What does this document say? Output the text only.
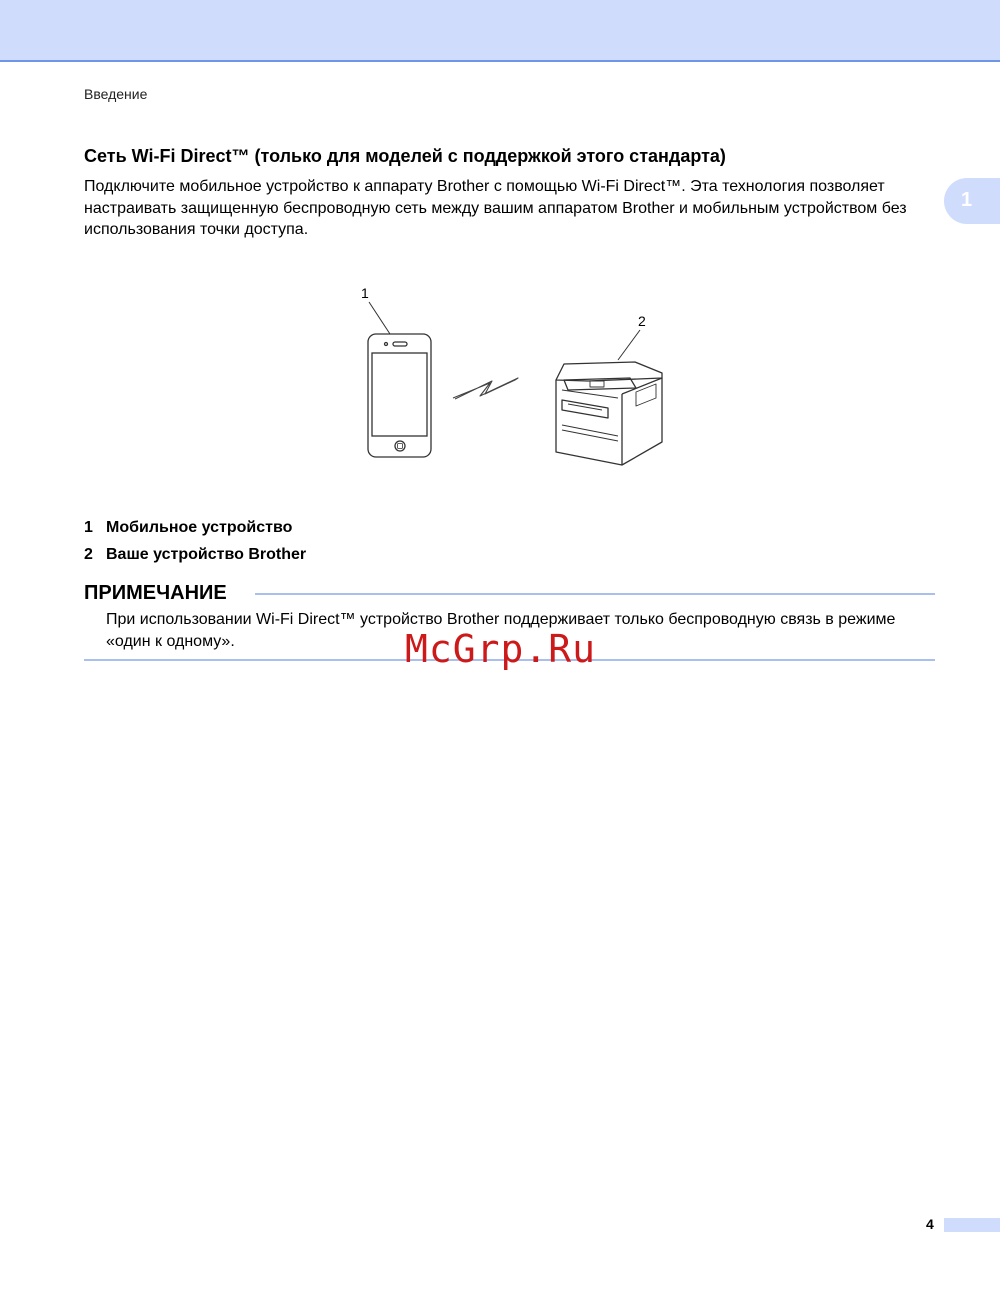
Введение
1
Сеть Wi-Fi Direct™ (только для моделей с поддержкой этого стандарта)

Подключите мобильное устройство к аппарату Brother с помощью Wi-Fi Direct™. Эта технология позволяет настраивать защищенную беспроводную сеть между вашим аппаратом Brother и мобильным устройством без использования точки доступа.

1
2
1 Мобильное устройство
2 Ваше устройство Brother
ПРИМЕЧАНИЕ

При использовании Wi-Fi Direct™ устройство Brother поддерживает только беспроводную связь в режиме «один к одному».	McGrp.Ru
4
